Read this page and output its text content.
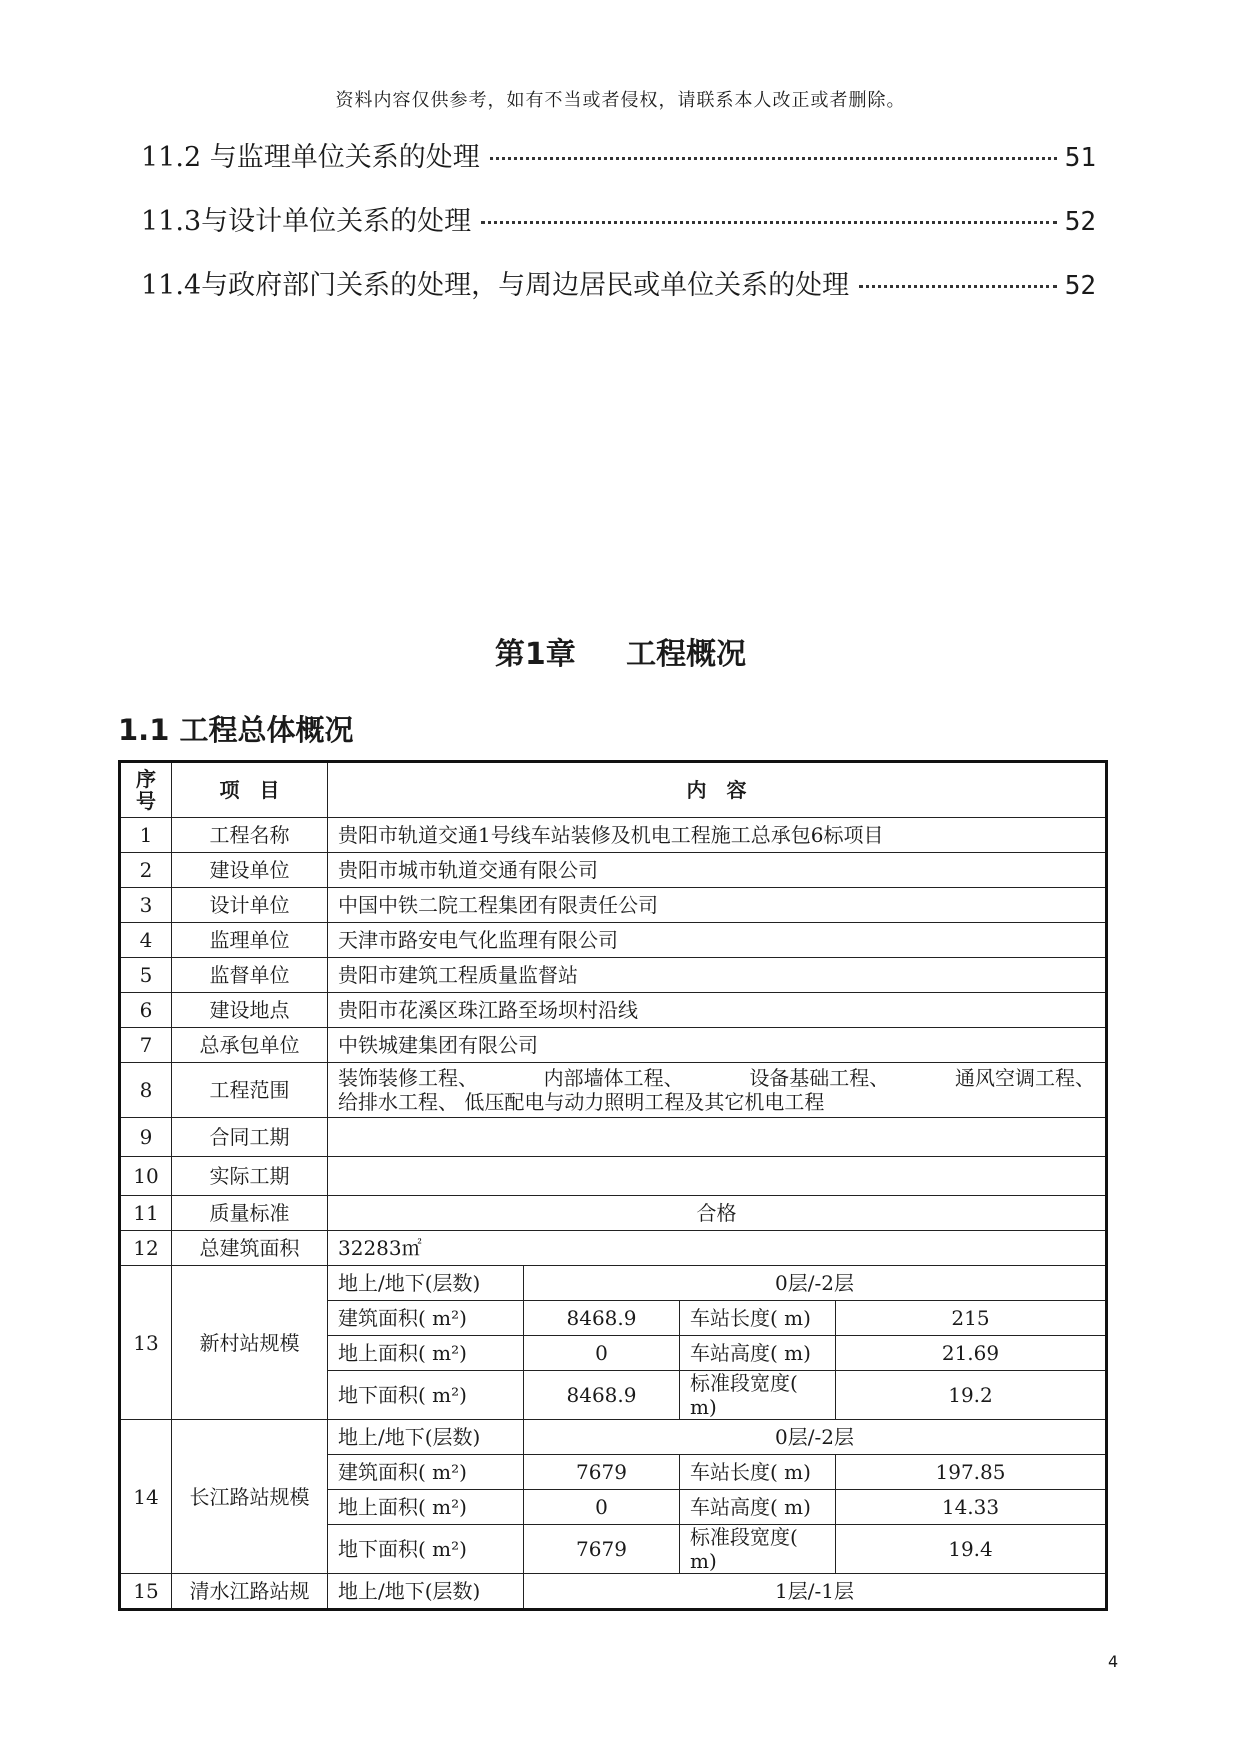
资料内容仅供参考，如有不当或者侵权，请联系本人改正或者删除。
11.2 与监理单位关系的处理	51
11.3与设计单位关系的处理	52
11.4与政府部门关系的处理，与周边居民或单位关系的处理	52
第1章 工程概况
1.1 工程总体概况
序号	项　目	内　容			
1	工程名称	贵阳市轨道交通1号线车站装修及机电工程施工总承包6标项目			
2	建设单位	贵阳市城市轨道交通有限公司			
3	设计单位	中国中铁二院工程集团有限责任公司			
4	监理单位	天津市路安电气化监理有限公司			
5	监督单位	贵阳市建筑工程质量监督站			
6	建设地点	贵阳市花溪区珠江路至场坝村沿线			
7	总承包单位	中铁城建集团有限公司			
8	工程范围	装饰装修工程、 内部墙体工程、 设备基础工程、 通风空调工程、
给排水工程、 低压配电与动力照明工程及其它机电工程			

9	合同工期				
10	实际工期				
11	质量标准	合格			
12	总建筑面积	32283㎡			
13	新村站规模	地上/地下(层数)	0层/-2层		
		建筑面积( m²)	8468.9	车站长度( m)	215
		地上面积( m²)	0	车站高度( m)	21.69
		地下面积( m²)	8468.9	标准段宽度( m)	19.2
14	长江路站规模	地上/地下(层数)	0层/-2层		
		建筑面积( m²)	7679	车站长度( m)	197.85
		地上面积( m²)	0	车站高度( m)	14.33
		地下面积( m²)	7679	标准段宽度( m)	19.4
15	清水江路站规	地上/地下(层数)	1层/-1层		
4
